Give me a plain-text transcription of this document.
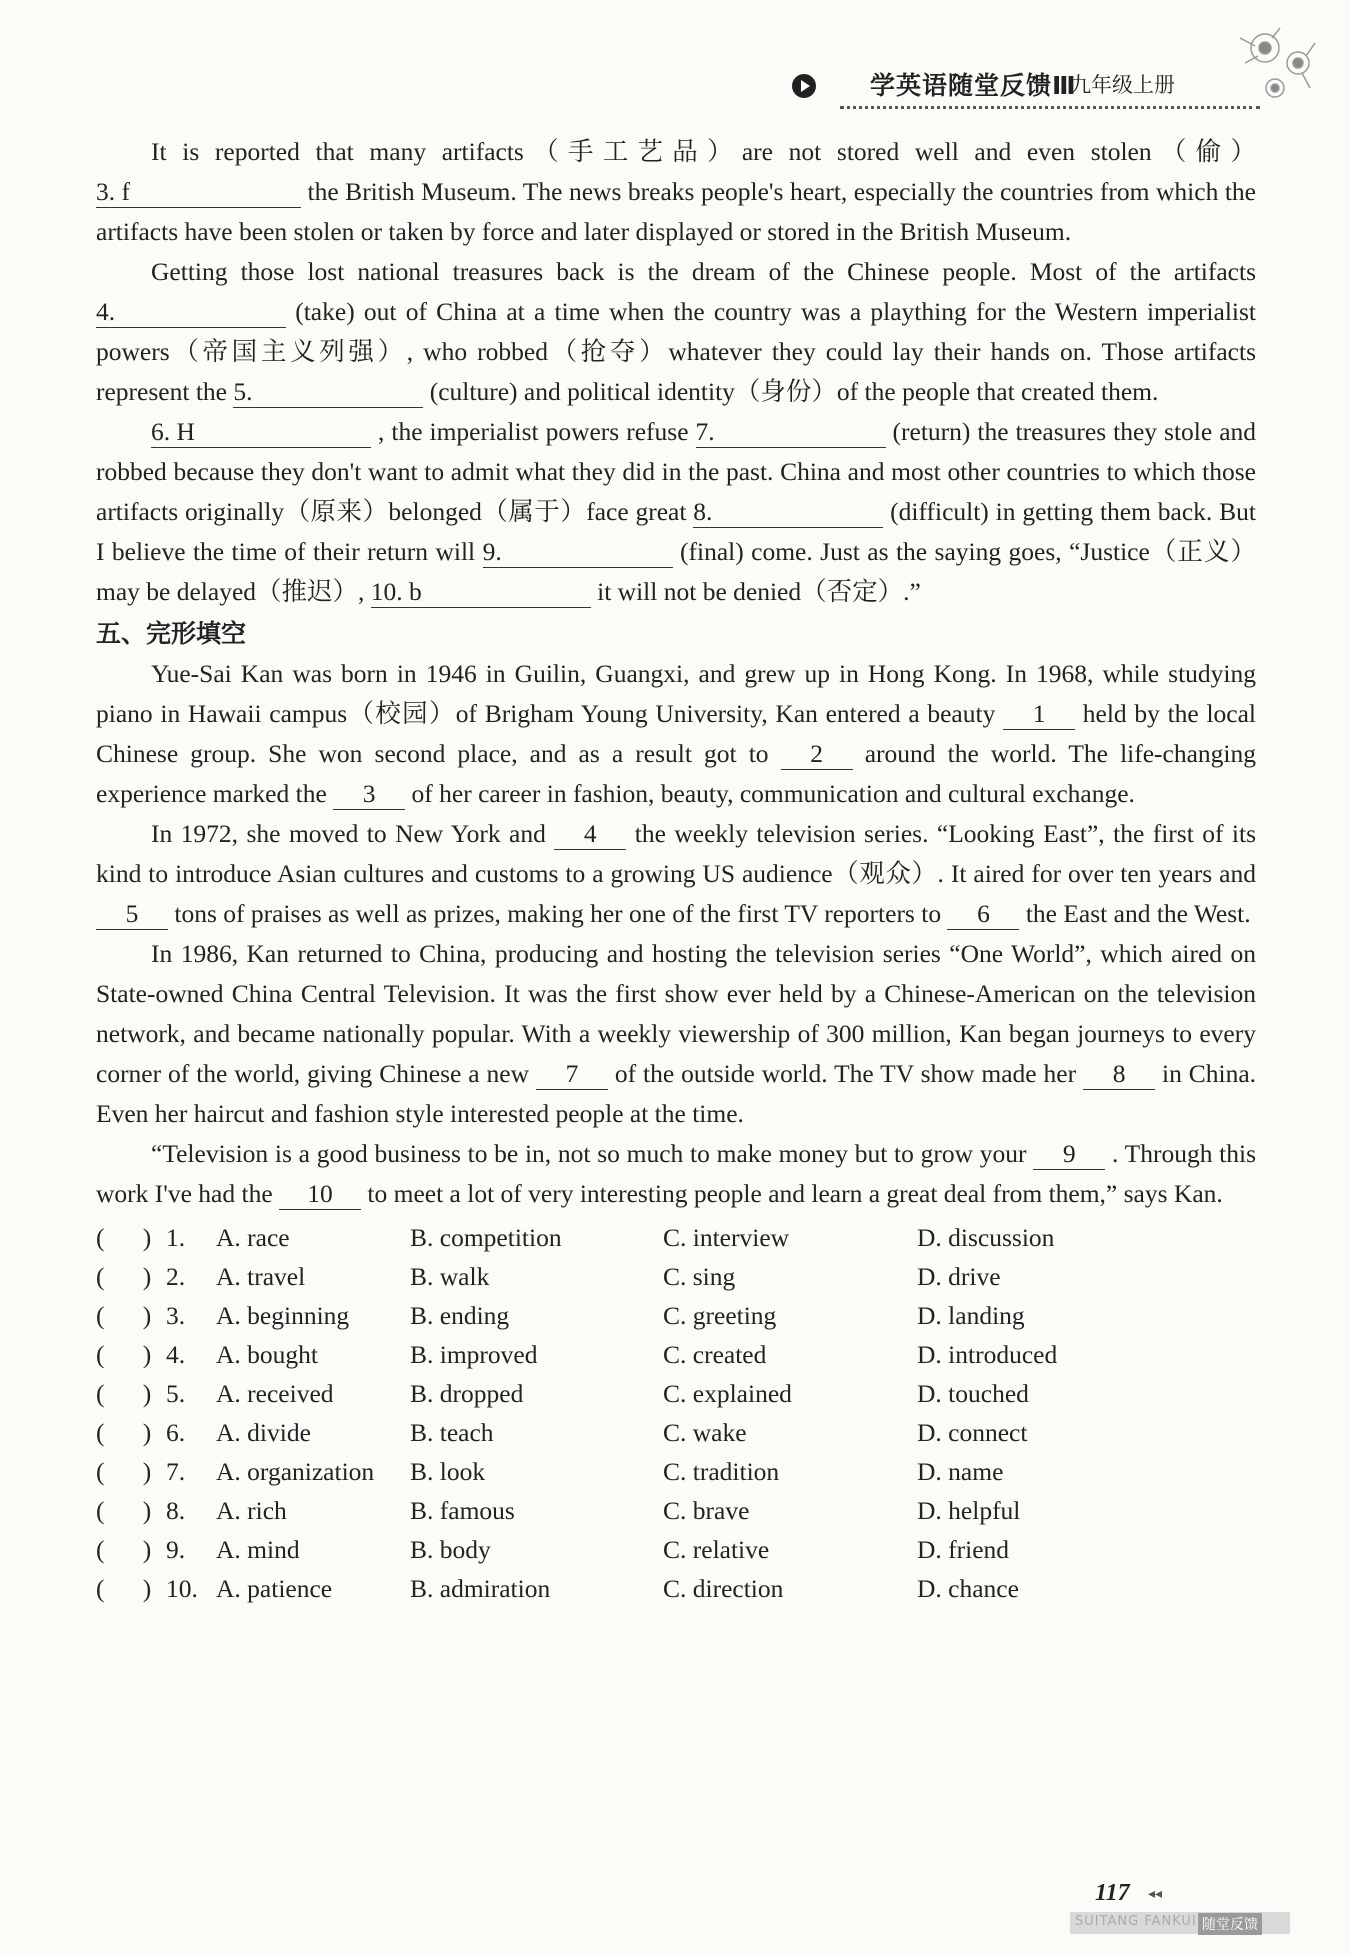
学英语随堂反馈Ⅲ
九年级上册

It is reported that many artifacts（手工艺品）are not stored well and even stolen（偷） 3. f	the British Museum. The news breaks people's heart, especially the countries from which the artifacts have been stolen or taken by force and later displayed or stored in the British Museum.

Getting those lost national treasures back is the dream of the Chinese people. Most of the artifacts 4.	(take) out of China at a time when the country was a plaything for the Western imperialist powers（帝国主义列强）, who robbed（抢夺）whatever they could lay their hands on. Those artifacts represent the 5.	(culture) and political identity（身份）of the people that created them.

6. H	, the imperialist powers refuse 7.	(return) the treasures they stole and robbed because they don't want to admit what they did in the past. China and most other countries to which those artifacts originally（原来）belonged（属于）face great 8.	(difficult) in getting them back. But I believe the time of their return will 9.	(final) come. Just as the saying goes, “Justice（正义）may be delayed（推迟）, 10. b	it will not be denied（否定）.”

五、完形填空

Yue-Sai Kan was born in 1946 in Guilin, Guangxi, and grew up in Hong Kong. In 1968, while studying piano in Hawaii campus（校园）of Brigham Young University, Kan entered a beauty 1 held by the local Chinese group. She won second place, and as a result got to 2 around the world. The life-changing experience marked the 3 of her career in fashion, beauty, communication and cultural exchange.

In 1972, she moved to New York and 4 the weekly television series. “Looking East”, the first of its kind to introduce Asian cultures and customs to a growing US audience（观众）. It aired for over ten years and 5 tons of praises as well as prizes, making her one of the first TV reporters to 6 the East and the West.

In 1986, Kan returned to China, producing and hosting the television series “One World”, which aired on State-owned China Central Television. It was the first show ever held by a Chinese-American on the television network, and became nationally popular. With a weekly viewership of 300 million, Kan began journeys to every corner of the world, giving Chinese a new 7 of the outside world. The TV show made her 8 in China. Even her haircut and fashion style interested people at the time.

“Television is a good business to be in, not so much to make money but to grow your 9 . Through this work I've had the 10 to meet a lot of very interesting people and learn a great deal from them,” says Kan.

(      ) 1.	A. race	B. competition	C. interview	D. discussion
(      ) 2.	A. travel	B. walk	C. sing	D. drive
(      ) 3.	A. beginning	B. ending	C. greeting	D. landing
(      ) 4.	A. bought	B. improved	C. created	D. introduced
(      ) 5.	A. received	B. dropped	C. explained	D. touched
(      ) 6.	A. divide	B. teach	C. wake	D. connect
(      ) 7.	A. organization	B. look	C. tradition	D. name
(      ) 8.	A. rich	B. famous	C. brave	D. helpful
(      ) 9.	A. mind	B. body	C. relative	D. friend
(      ) 10. A. patience	B. admiration	C. direction	D. chance
117 ◂◂
SUITANG FANKUI 随堂反馈
